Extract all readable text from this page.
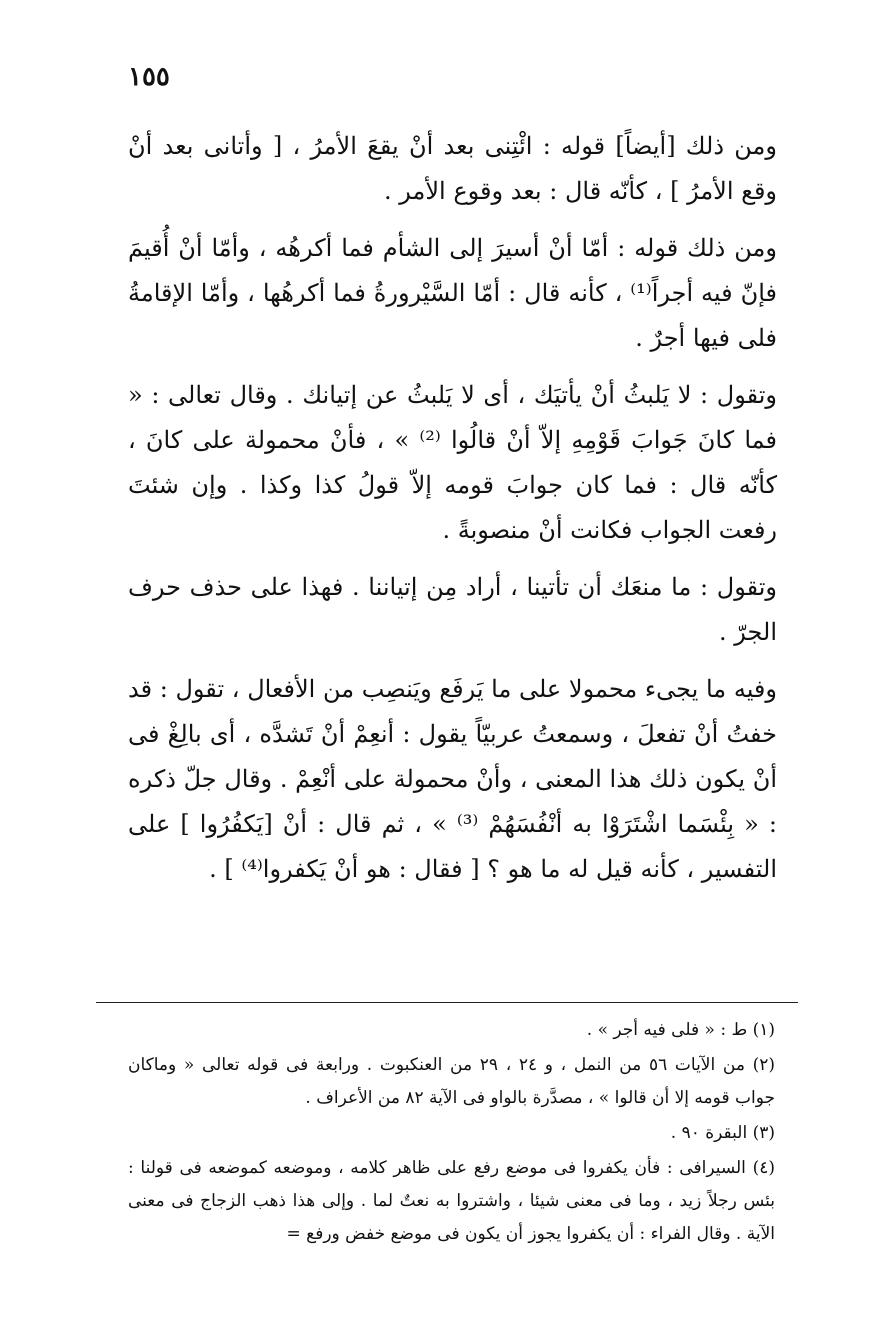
١٥٥

ومن ذلك [أيضاً] قوله : ائْتِنى بعد أنْ يقعَ الأمرُ ، [ وأتانى بعد أنْ وقع الأمرُ ] ، كأنّه قال : بعد وقوع الأمر .

ومن ذلك قوله : أمّا أنْ أسيرَ إلى الشأم فما أكرهُه ، وأمّا أنْ أُقيمَ فإنّ فيه أجراً⁽¹⁾ ، كأنه قال : أمّا السَّيْرورةُ فما أكرهُها ، وأمّا الإقامةُ فلى فيها أجرٌ .

وتقول : لا يَلبثُ أنْ يأتيَك ، أى لا يَلبثُ عن إتيانك . وقال تعالى : « فما كانَ جَوابَ قَوْمِهِ إلاّ أنْ قالُوا ⁽²⁾ » ، فأنْ محمولة على كانَ ، كأنّه قال : فما كان جوابَ قومه إلاّ قولُ كذا وكذا . وإن شئتَ رفعت الجواب فكانت أنْ منصوبةً .

وتقول : ما منعَك أن تأتينا ، أراد مِن إتياننا . فهذا على حذف حرف الجرّ .

وفيه ما يجىء محمولا على ما يَرفَع ويَنصِب من الأفعال ، تقول : قد خفتُ أنْ تفعلَ ، وسمعتُ عربيّاً يقول : أنعِمْ أنْ تَشدَّه ، أى بالِغْ فى أنْ يكون ذلك هذا المعنى ، وأنْ محمولة على أنْعِمْ . وقال جلّ ذكره : « بِئْسَما اشْتَرَوْا به أنْفُسَهُمْ ⁽³⁾ » ، ثم قال : أنْ [يَكفُرُوا ] على التفسير ، كأنه قيل له ما هو ؟ [ فقال : هو أنْ يَكفروا⁽⁴⁾ ] .

(١) ط : « فلى فيه أجر » .

(٢) من الآيات ٥٦ من النمل ، و ٢٤ ، ٢٩ من العنكبوت . ورابعة فى قوله تعالى « وماكان جواب قومه إلا أن قالوا » ، مصدَّرة بالواو فى الآية ٨٢ من الأعراف .

(٣) البقرة ٩٠ .

(٤) السيرافى : فأن يكفروا فى موضع رفع على ظاهر كلامه ، وموضعه كموضعه فى قولنا : بئس رجلاً زيد ، وما فى معنى شيئا ، واشتروا به نعتٌ لما . وإلى هذا ذهب الزجاج فى معنى الآية . وقال الفراء : أن يكفروا يجوز أن يكون فى موضع خفض ورفع =
